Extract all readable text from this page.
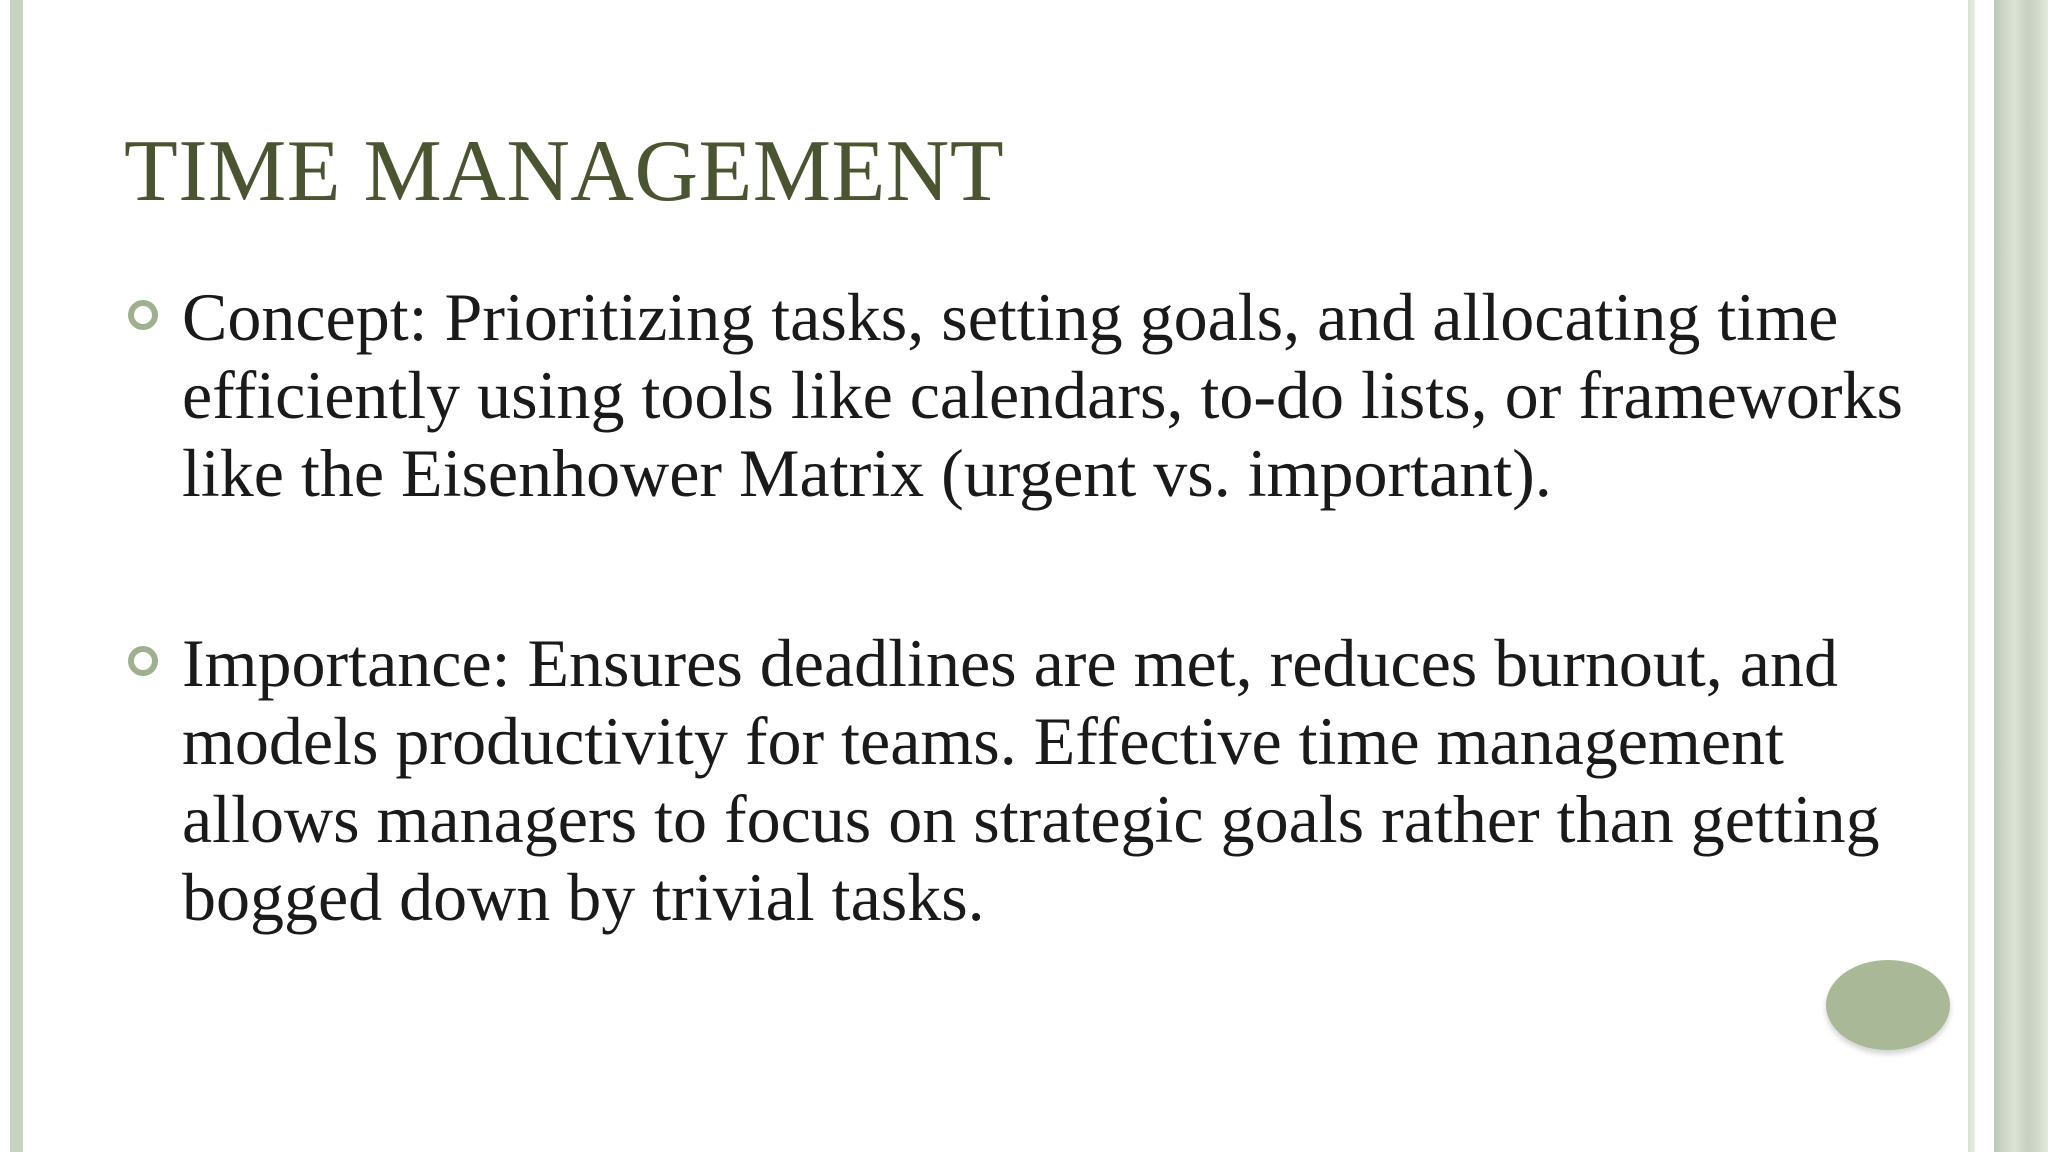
TIME MANAGEMENT
Concept: Prioritizing tasks, setting goals, and allocating time efficiently using tools like calendars, to-do lists, or frameworks like the Eisenhower Matrix (urgent vs. important).
Importance: Ensures deadlines are met, reduces burnout, and models productivity for teams. Effective time management allows managers to focus on strategic goals rather than getting bogged down by trivial tasks.
